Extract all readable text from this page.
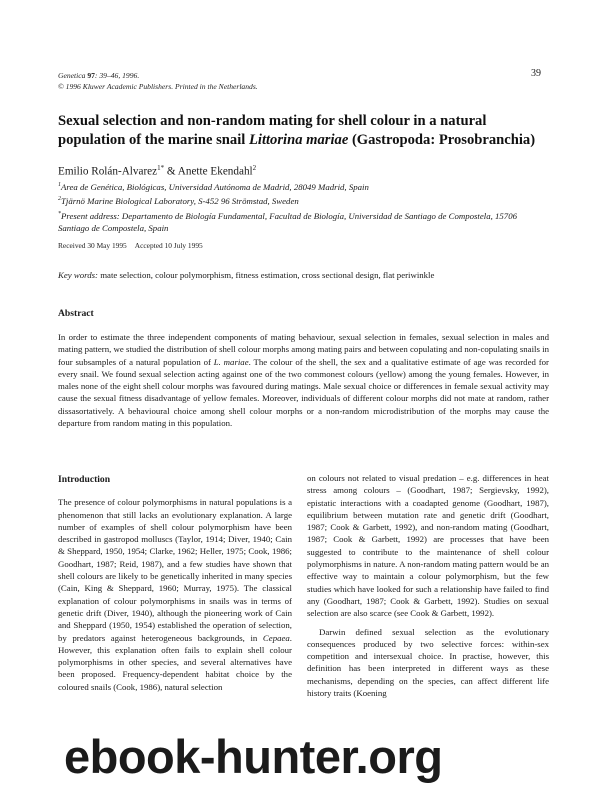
Genetica 97: 39–46, 1996.
© 1996 Kluwer Academic Publishers. Printed in the Netherlands.
39
Sexual selection and non-random mating for shell colour in a natural population of the marine snail Littorina mariae (Gastropoda: Prosobranchia)
Emilio Rolán-Alvarez$^{1*}$ & Anette Ekendahl$^2$
$^1$Area de Genética, Biológicas, Universidad Autónoma de Madrid, 28049 Madrid, Spain
$^2$Tjärnö Marine Biological Laboratory, S-452 96 Strömstad, Sweden
*Present address: Departamento de Biología Fundamental, Facultad de Biología, Universidad de Santiago de Compostela, 15706 Santiago de Compostela, Spain
Received 30 May 1995 Accepted 10 July 1995
Key words: mate selection, colour polymorphism, fitness estimation, cross sectional design, flat periwinkle
Abstract
In order to estimate the three independent components of mating behaviour, sexual selection in females, sexual selection in males and mating pattern, we studied the distribution of shell colour morphs among mating pairs and between copulating and non-copulating snails in four subsamples of a natural population of L. mariae. The colour of the shell, the sex and a qualitative estimate of age was recorded for every snail. We found sexual selection acting against one of the two commonest colours (yellow) among the young females. However, in males none of the eight shell colour morphs was favoured during matings. Male sexual choice or differences in female sexual activity may cause the sexual fitness disadvantage of yellow females. Moreover, individuals of different colour morphs did not mate at random, rather dissasortatively. A behavioural choice among shell colour morphs or a non-random microdistribution of the morphs may cause the departure from random mating in this population.
Introduction

The presence of colour polymorphisms in natural populations is a phenomenon that still lacks an evolutionary explanation. A large number of examples of shell colour polymorphism have been described in gastropod molluscs (Taylor, 1914; Diver, 1940; Cain & Sheppard, 1950, 1954; Clarke, 1962; Heller, 1975; Cook, 1986; Goodhart, 1987; Reid, 1987), and a few studies have shown that shell colours are likely to be genetically inherited in many species (Cain, King & Sheppard, 1960; Murray, 1975). The classical explanation of colour polymorphisms in snails was in terms of genetic drift (Diver, 1940), although the pioneering work of Cain and Sheppard (1950, 1954) established the operation of selection, by predators against heterogeneous backgrounds, in Cepaea. However, this explanation often fails to explain shell colour polymorphisms in other species, and several alternatives have been proposed. Frequency-dependent habitat choice by the coloured snails (Cook, 1986), natural selection

on colours not related to visual predation – e.g. differences in heat stress among colours – (Goodhart, 1987; Sergievsky, 1992), epistatic interactions with a coadapted genome (Goodhart, 1987), equilibrium between mutation rate and genetic drift (Goodhart, 1987; Cook & Garbett, 1992), and non-random mating (Goodhart, 1987; Cook & Garbett, 1992) are processes that have been suggested to contribute to the maintenance of shell colour polymorphisms in nature. A non-random mating pattern would be an effective way to maintain a colour polymorphism, but the few studies which have looked for such a relationship have failed to find any (Goodhart, 1987; Cook & Garbett, 1992). Studies on sexual selection are also scarce (see Cook & Garbett, 1992).

Darwin defined sexual selection as the evolutionary consequences produced by two selective forces: within-sex competition and intersexual choice. In practise, however, this definition has been interpreted in different ways as these mechanisms, depending on the species, can affect different life history traits (Koening

ebook-hunter.org
